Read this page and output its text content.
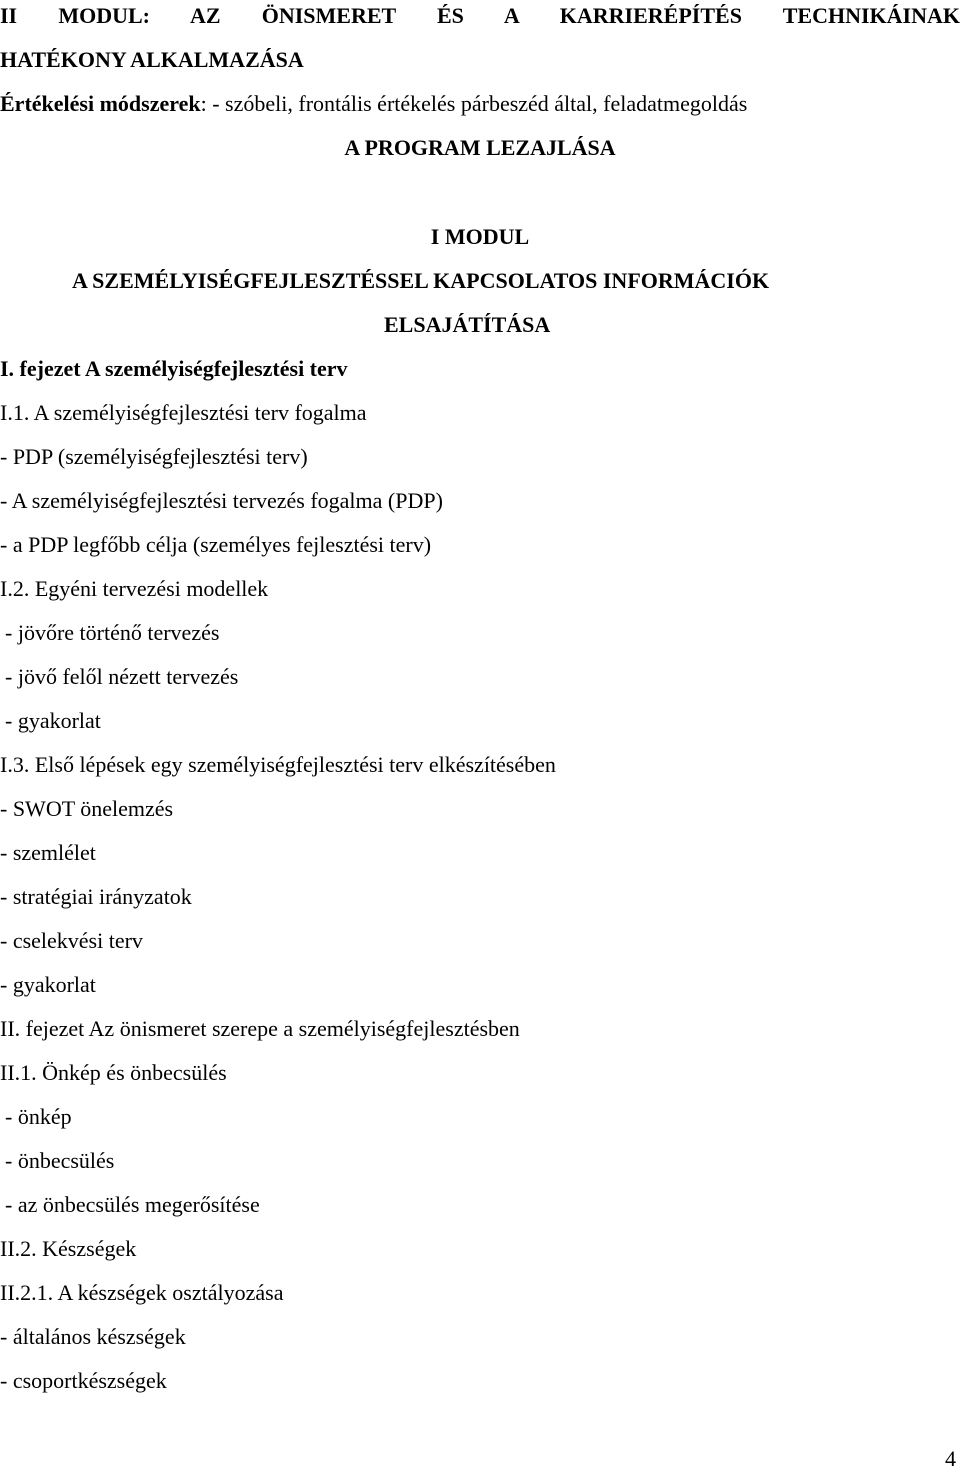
II MODUL: AZ ÖNISMERET ÉS A KARRIERÉPÍTÉS TECHNIKÁINAK
HATÉKONY ALKALMAZÁSA
Értékelési módszerek: - szóbeli, frontális értékelés párbeszéd által, feladatmegoldás
A PROGRAM LEZAJLÁSA
I MODUL
A SZEMÉLYISÉGFEJLESZTÉSSEL KAPCSOLATOS INFORMÁCIÓK
ELSAJÁTÍTÁSA
I. fejezet A személyiségfejlesztési terv
I.1. A személyiségfejlesztési terv fogalma
- PDP (személyiségfejlesztési terv)
- A személyiségfejlesztési tervezés fogalma (PDP)
- a PDP legfőbb célja (személyes fejlesztési terv)
I.2. Egyéni tervezési modellek
- jövőre történő tervezés
- jövő felől nézett tervezés
- gyakorlat
I.3. Első lépések egy személyiségfejlesztési terv elkészítésében
- SWOT önelemzés
- szemlélet
- stratégiai irányzatok
- cselekvési terv
- gyakorlat
II. fejezet Az önismeret szerepe a személyiségfejlesztésben
II.1. Önkép és önbecsülés
- önkép
- önbecsülés
- az önbecsülés megerősítése
II.2. Készségek
II.2.1. A készségek osztályozása
- általános készségek
- csoportkészségek
4
